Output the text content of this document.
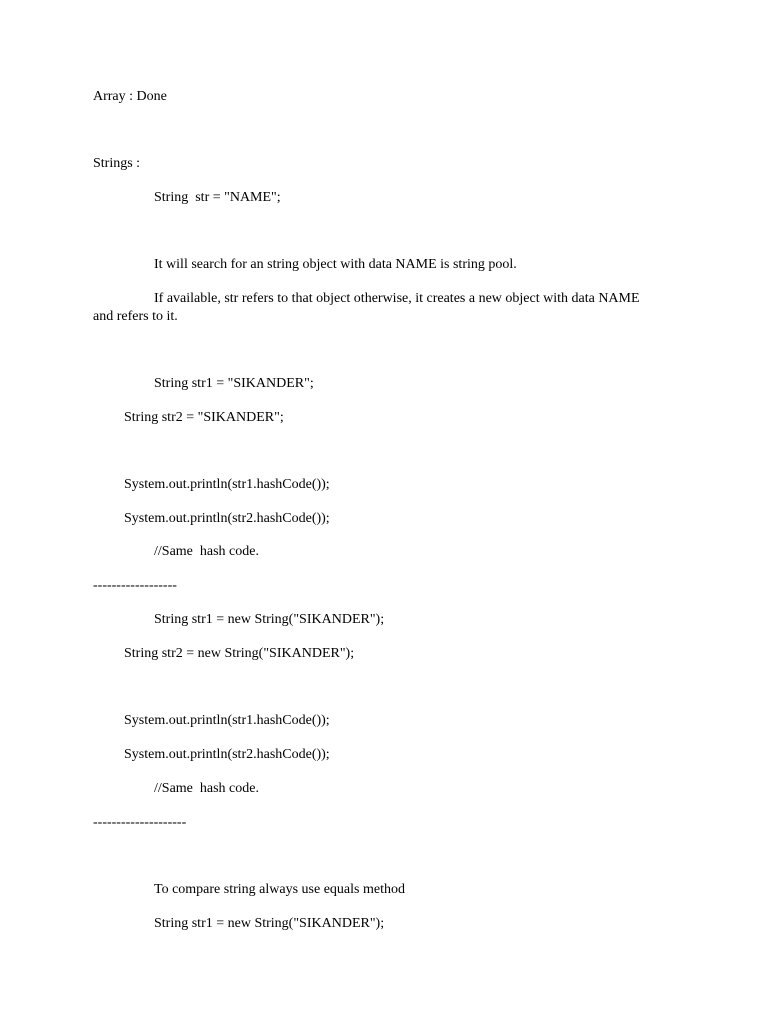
Array : Done

Strings :

String  str = "NAME";

It will search for an string object with data NAME is string pool.

If available, str refers to that object otherwise, it creates a new object with data NAME and refers to it.

String str1 = "SIKANDER";

String str2 = "SIKANDER";

System.out.println(str1.hashCode());

System.out.println(str2.hashCode());

//Same  hash code.

------------------

String str1 = new String("SIKANDER");

String str2 = new String("SIKANDER");

System.out.println(str1.hashCode());

System.out.println(str2.hashCode());

//Same  hash code.

--------------------

To compare string always use equals method

String str1 = new String("SIKANDER");
